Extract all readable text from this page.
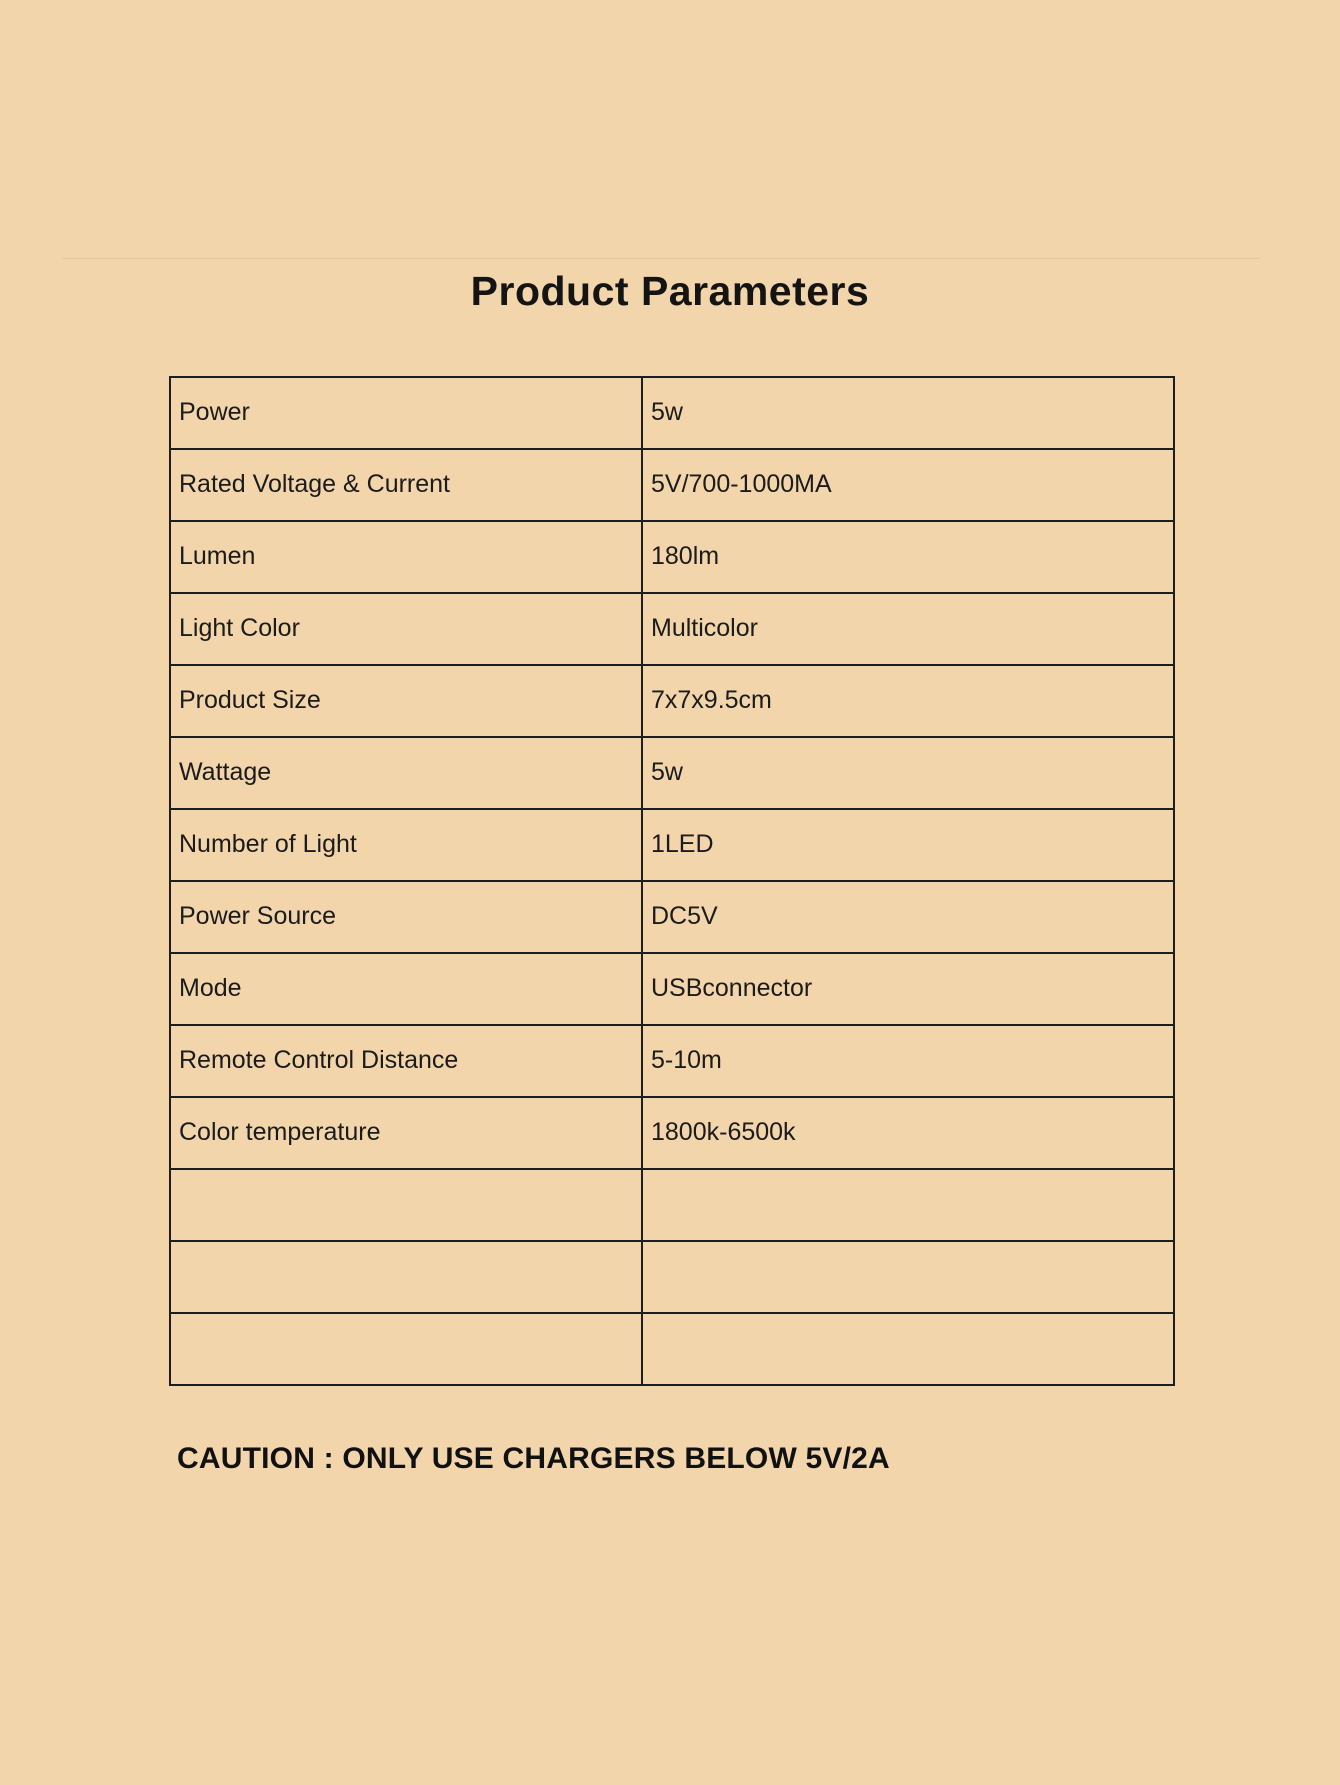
Product Parameters
Power	5w
Rated Voltage & Current	5V/700-1000MA
Lumen	180lm
Light Color	Multicolor
Product Size	7x7x9.5cm
Wattage	5w
Number of Light	1LED
Power Source	DC5V
Mode	USBconnector
Remote Control Distance	5-10m
Color temperature	1800k-6500k

CAUTION : ONLY USE CHARGERS BELOW 5V/2A
